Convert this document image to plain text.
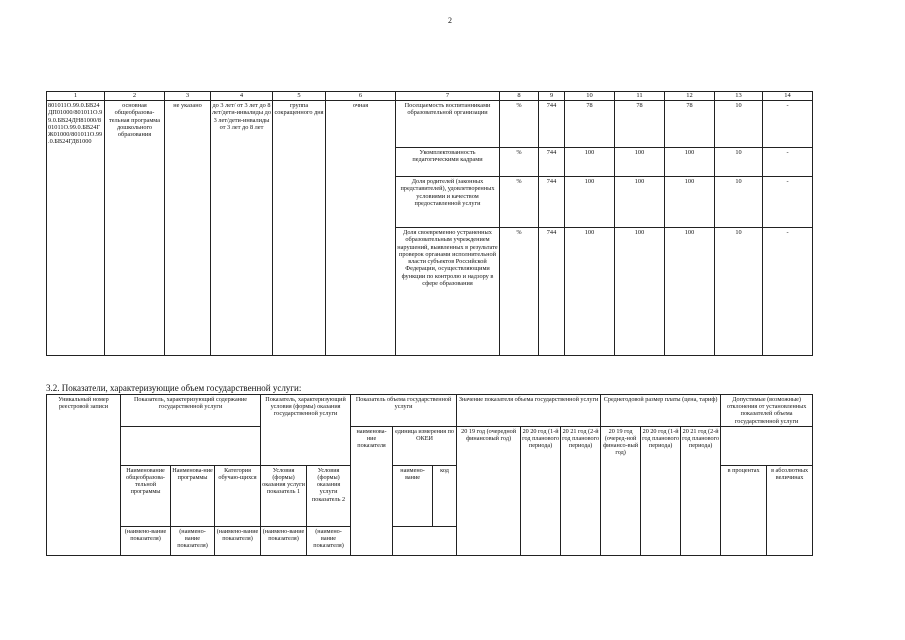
2
1	2	3	4	5	6	7	8	9	10	11	12	13	14
801011О.99.0.БВ24ДП01000/801011О.99.0.БВ24ДН81000/801011О.99.0.БВ24ГЖ01000/801011О.99.0.БВ24ГД81000	основная общеобразова-тельная программа дошкольного образования	не указано	до 3 лет/ от 3 лет до 8 лет/дети-инвалиды до 3 лет/дети-инвалиды от 3 лет до 8 лет	группа сокращенного дня	очная	Посещаемость воспитанниками образовательной организации	%	744	78	78	78	10	-
						Укомплектованность педагогическими кадрами	%	744	100	100	100	10	-
						Доля родителей (законных представителей), удовлетворенных условиями и качеством предоставленной услуги	%	744	100	100	100	10	-
						Доля своевременно устраненных образовательным учреждением нарушений, выявленных в результате проверок органами исполнительной власти субъектов Российской Федерации, осуществляющими функции по контролю и надзору в сфере образования	%	744	100	100	100	10	-
3.2. Показатели, характеризующие объем государственной услуги:
Уникальный номер реестровой записи	Показатель, характеризующий содержание государственной услуги			Показатель, характеризующий условия (формы) оказания государственной услуги		Показатель объема государственной услуги			Значение показателя объема государственной услуги			Среднегодовой размер платы (цена, тариф)			Допустимые (возможные) отклонения от установленных показателей объема государственной услуги	
						наименова-ние показателя	единица измерения по ОКЕИ		20 19 год (очередной финансовый год)	20 20 год (1-й год планового периода)	20 21 год (2-й год планового периода)	20 19 год (очеред-ной финансо-вый год)	20 20 год (1-й год планового периода)	20 21 год (2-й год планового периода)		
	Наименование общеобразова-тельной программы	Наименова-ние программы	Категория обучаю-щихся	Условия (формы) оказания услуги показатель 1	Условия (формы) оказания услуги показатель 2		наимено-вание	код							в процентах	в абсолютных величинах
	(наимено-вание показателя)	(наимено-вание показателя)	(наимено-вание показателя)	(наимено-вание показателя)	(наимено-вание показателя)											
